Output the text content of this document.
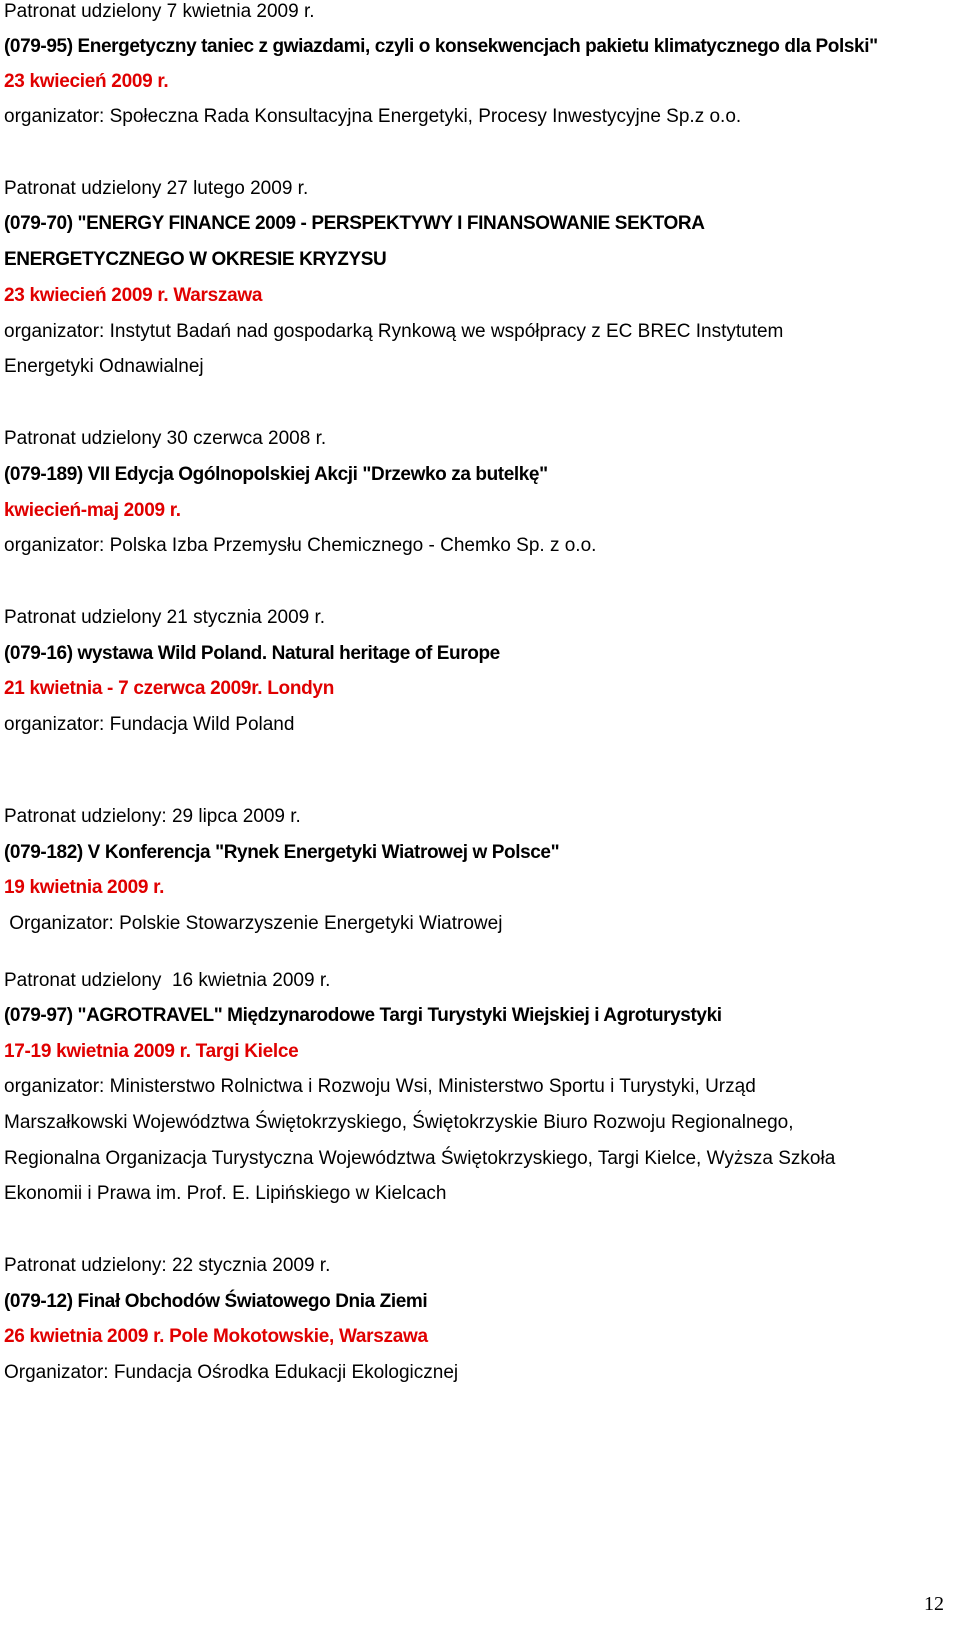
Patronat udzielony 7 kwietnia 2009 r.
(079-95) Energetyczny taniec z gwiazdami, czyli o konsekwencjach pakietu klimatycznego dla Polski"
23 kwiecień 2009 r.
organizator: Społeczna Rada Konsultacyjna Energetyki, Procesy Inwestycyjne Sp.z o.o.
Patronat udzielony 27 lutego 2009 r.
(079-70) "ENERGY FINANCE 2009 - PERSPEKTYWY I FINANSOWANIE SEKTORA
ENERGETYCZNEGO W OKRESIE KRYZYSU
23 kwiecień 2009 r. Warszawa
organizator: Instytut Badań nad gospodarką Rynkową we współpracy z EC BREC Instytutem
Energetyki Odnawialnej
Patronat udzielony 30 czerwca 2008 r.
(079-189) VII Edycja Ogólnopolskiej Akcji "Drzewko za butelkę"
kwiecień-maj 2009 r.
organizator: Polska Izba Przemysłu Chemicznego - Chemko Sp. z o.o.
Patronat udzielony 21 stycznia 2009 r.
(079-16) wystawa Wild Poland. Natural heritage of Europe
21 kwietnia - 7 czerwca 2009r. Londyn
organizator: Fundacja Wild Poland
Patronat udzielony: 29 lipca 2009 r.
(079-182) V Konferencja "Rynek Energetyki Wiatrowej w Polsce"
19 kwietnia 2009 r.
Organizator: Polskie Stowarzyszenie Energetyki Wiatrowej
Patronat udzielony  16 kwietnia 2009 r.
(079-97) "AGROTRAVEL" Międzynarodowe Targi Turystyki Wiejskiej i Agroturystyki
17-19 kwietnia 2009 r. Targi Kielce
organizator: Ministerstwo Rolnictwa i Rozwoju Wsi, Ministerstwo Sportu i Turystyki, Urząd
Marszałkowski Województwa Świętokrzyskiego, Świętokrzyskie Biuro Rozwoju Regionalnego,
Regionalna Organizacja Turystyczna Województwa Świętokrzyskiego, Targi Kielce, Wyższa Szkoła
Ekonomii i Prawa im. Prof. E. Lipińskiego w Kielcach
Patronat udzielony: 22 stycznia 2009 r.
(079-12) Finał Obchodów Światowego Dnia Ziemi
26 kwietnia 2009 r. Pole Mokotowskie, Warszawa
Organizator: Fundacja Ośrodka Edukacji Ekologicznej
12
